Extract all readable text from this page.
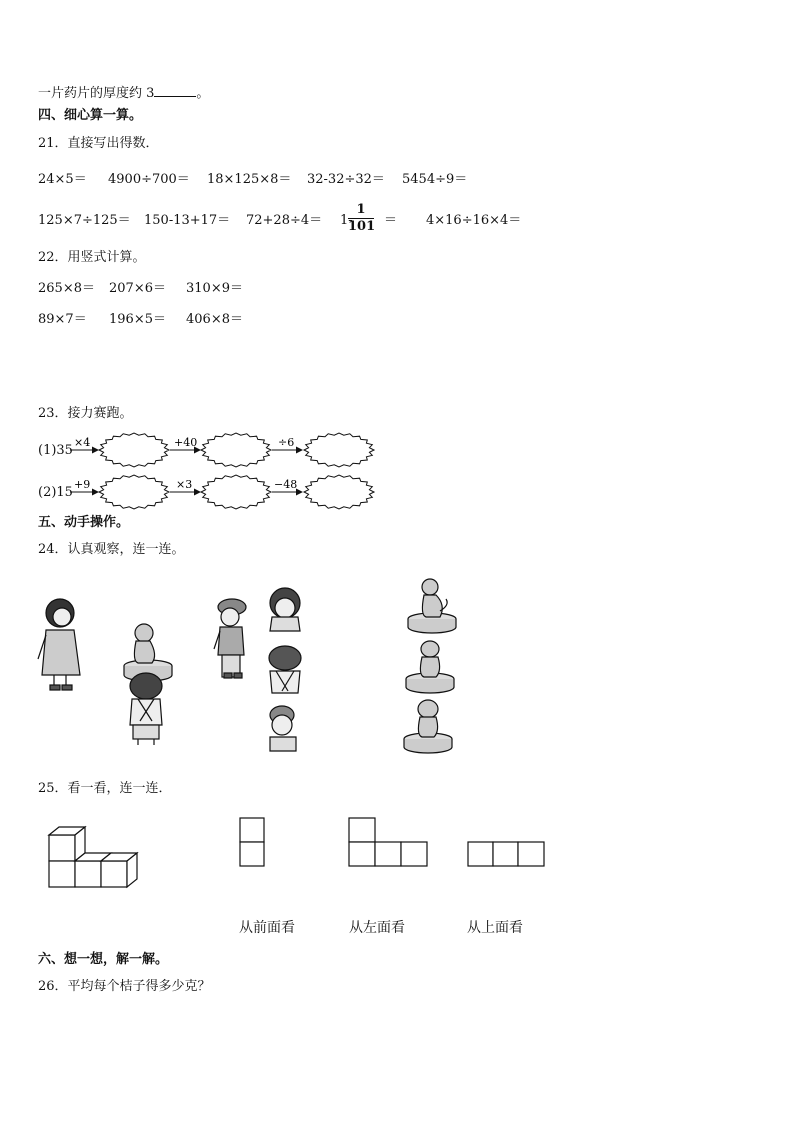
一片药片的厚度约 3	。
四、细心算一算。
21．直接写出得数．
24×5＝ 4900÷700＝ 18×125×8＝ 32-32÷32＝ 5454÷9＝
125×7÷125＝ 150-13+17＝ 72+28÷4＝ 1-
1
101 ＝ 4×16÷16×4＝
22．用竖式计算。
265×8＝ 207×6＝ 310×9＝
89×7＝ 196×5＝ 406×8＝
23．接力赛跑。
(1)35
(2)15
×4	+40	÷6
+9	×3	−48
五、动手操作。
24．认真观察，连一连。
25．看一看，连一连．
从前面看	从左面看	从上面看
六、想一想，解一解。
26．平均每个桔子得多少克？
